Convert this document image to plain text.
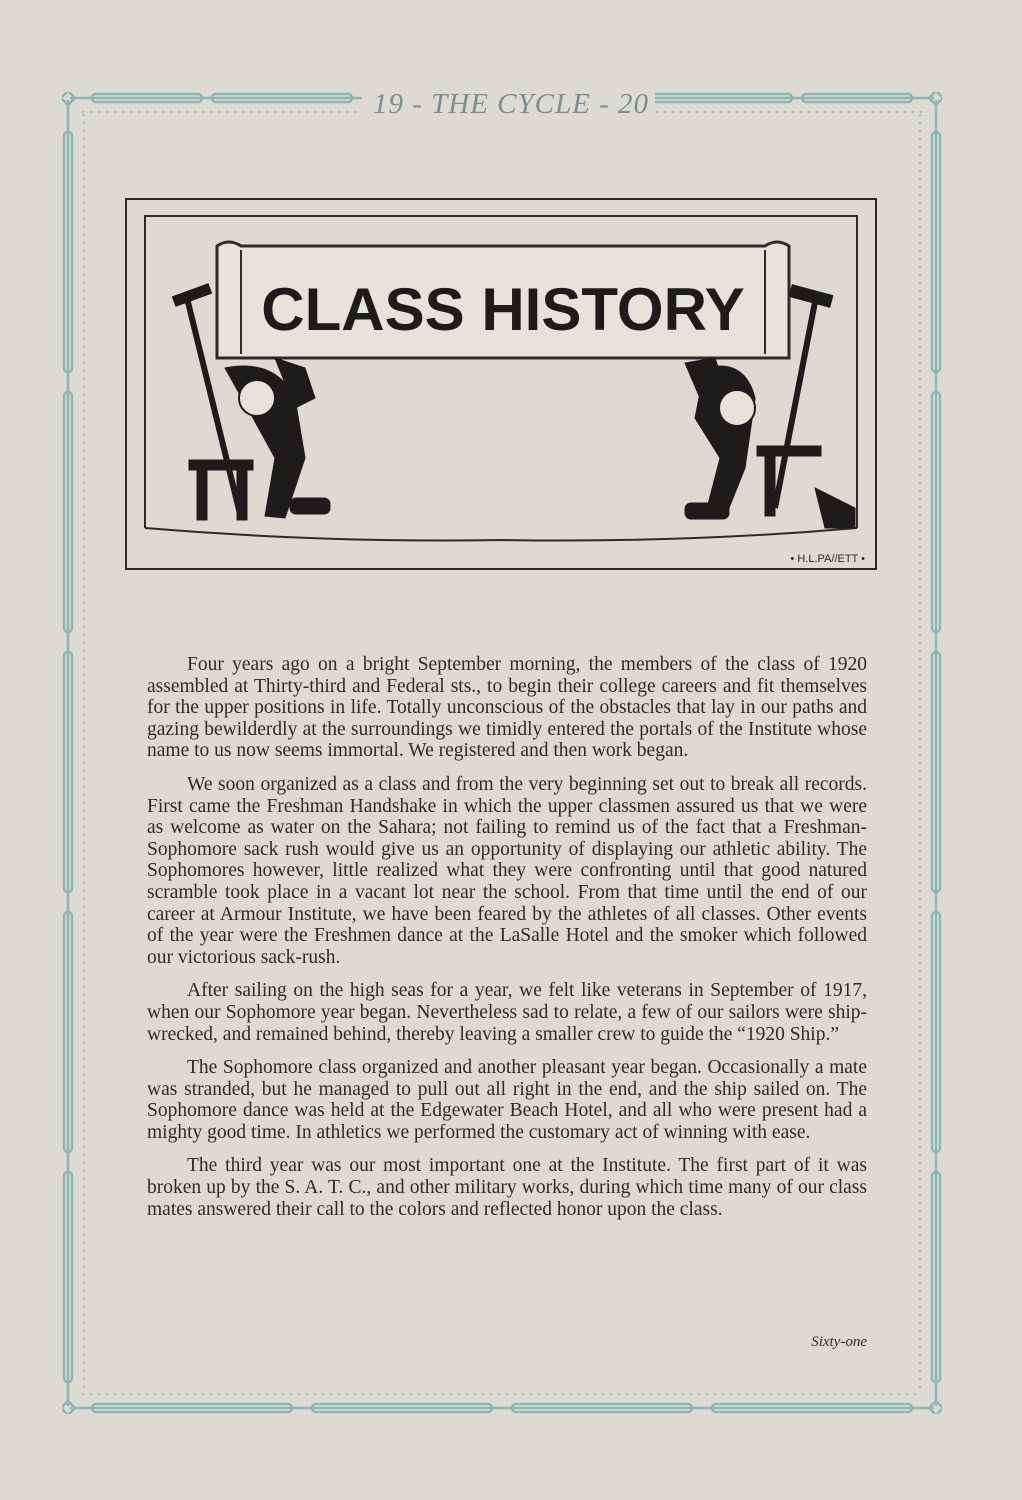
19 - THE CYCLE - 20
CLASS HISTORY
• H.L.PA//ETT •

Four years ago on a bright September morning, the members of the class of 1920 assembled at Thirty-third and Federal sts., to begin their college careers and fit themselves for the upper positions in life. Totally unconscious of the obstacles that lay in our paths and gazing bewilderdly at the surroundings we timidly entered the portals of the Institute whose name to us now seems immortal. We registered and then work began.

We soon organized as a class and from the very beginning set out to break all records. First came the Freshman Handshake in which the upper classmen assured us that we were as welcome as water on the Sahara; not failing to remind us of the fact that a Freshman-Sophomore sack rush would give us an opportunity of displaying our athletic ability. The Sophomores however, little realized what they were confronting until that good natured scramble took place in a vacant lot near the school. From that time until the end of our career at Armour Institute, we have been feared by the athletes of all classes. Other events of the year were the Freshmen dance at the LaSalle Hotel and the smoker which followed our victorious sack-rush.

After sailing on the high seas for a year, we felt like veterans in September of 1917, when our Sophomore year began. Nevertheless sad to relate, a few of our sailors were ship-wrecked, and remained behind, thereby leaving a smaller crew to guide the “1920 Ship.”

The Sophomore class organized and another pleasant year began. Occasionally a mate was stranded, but he managed to pull out all right in the end, and the ship sailed on. The Sophomore dance was held at the Edgewater Beach Hotel, and all who were present had a mighty good time. In athletics we performed the customary act of winning with ease.

The third year was our most important one at the Institute. The first part of it was broken up by the S. A. T. C., and other military works, during which time many of our class mates answered their call to the colors and reflected honor upon the class.

Sixty-one
